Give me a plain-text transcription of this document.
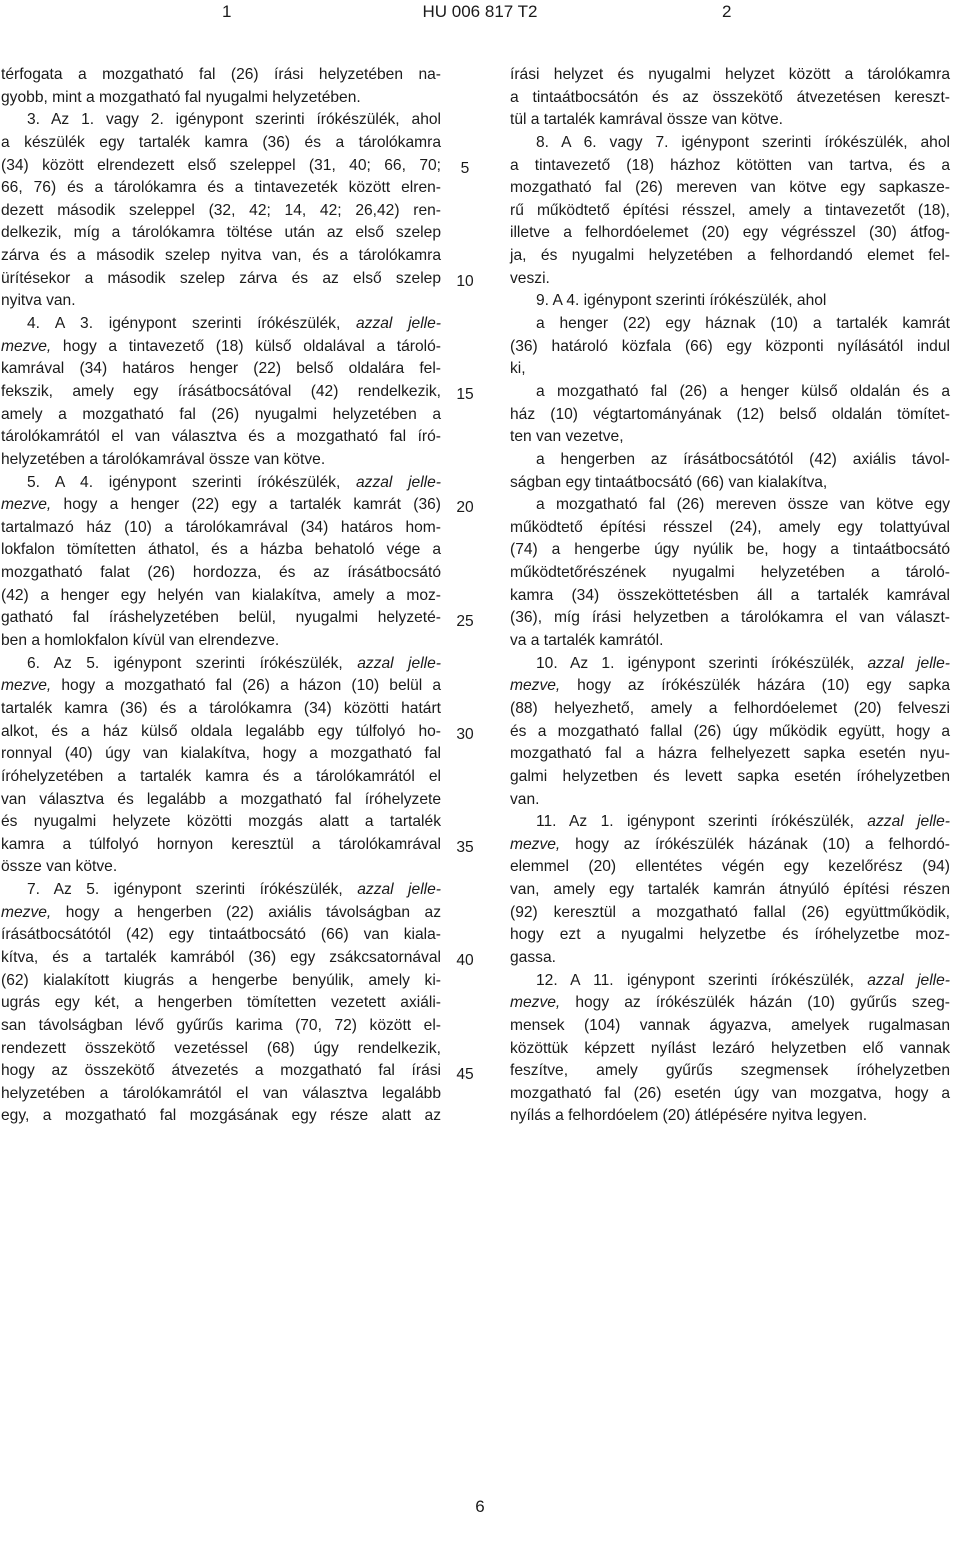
1	HU 006 817 T2	2
térfogata a mozgatható fal (26) írási helyzetében na-
gyobb, mint a mozgatható fal nyugalmi helyzetében.
3. Az 1. vagy 2. igénypont szerinti írókészülék, ahol
a készülék egy tartalék kamra (36) és a tárolókamra
(34) között elrendezett első szeleppel (31, 40; 66, 70;
66, 76) és a tárolókamra és a tintavezeték között elren-
dezett második szeleppel (32, 42; 14, 42; 26,42) ren-
delkezik, míg a tárolókamra töltése után az első szelep
zárva és a második szelep nyitva van, és a tárolókamra
ürítésekor a második szelep zárva és az első szelep
nyitva van.
4. A 3. igénypont szerinti írókészülék, azzal jelle-
mezve, hogy a tintavezető (18) külső oldalával a tároló-
kamrával (34) határos henger (22) belső oldalára fel-
fekszik, amely egy írásátbocsátóval (42) rendelkezik,
amely a mozgatható fal (26) nyugalmi helyzetében a
tárolókamrától el van választva és a mozgatható fal író-
helyzetében a tárolókamrával össze van kötve.
5. A 4. igénypont szerinti írókészülék, azzal jelle-
mezve, hogy a henger (22) egy a tartalék kamrát (36)
tartalmazó ház (10) a tárolókamrával (34) határos hom-
lokfalon tömítetten áthatol, és a házba behatoló vége a
mozgatható falat (26) hordozza, és az írásátbocsátó
(42) a henger egy helyén van kialakítva, amely a moz-
gatható fal íráshelyzetében belül, nyugalmi helyzeté-
ben a homlokfalon kívül van elrendezve.
6. Az 5. igénypont szerinti írókészülék, azzal jelle-
mezve, hogy a mozgatható fal (26) a házon (10) belül a
tartalék kamra (36) és a tárolókamra (34) közötti határt
alkot, és a ház külső oldala legalább egy túlfolyó ho-
ronnyal (40) úgy van kialakítva, hogy a mozgatható fal
íróhelyzetében a tartalék kamra és a tárolókamrától el
van választva és legalább a mozgatható fal íróhelyzete
és nyugalmi helyzete közötti mozgás alatt a tartalék
kamra a túlfolyó hornyon keresztül a tárolókamrával
össze van kötve.
7. Az 5. igénypont szerinti írókészülék, azzal jelle-
mezve, hogy a hengerben (22) axiális távolságban az
írásátbocsátótól (42) egy tintaátbocsátó (66) van kiala-
kítva, és a tartalék kamrából (36) egy zsákcsatornával
(62) kialakított kiugrás a hengerbe benyúlik, amely ki-
ugrás egy két, a hengerben tömítetten vezetett axiáli-
san távolságban lévő gyűrűs karima (70, 72) között el-
rendezett összekötő vezetéssel (68) úgy rendelkezik,
hogy az összekötő átvezetés a mozgatható fal írási
helyzetében a tárolókamrától el van választva legalább
egy, a mozgatható fal mozgásának egy része alatt az
írási helyzet és nyugalmi helyzet között a tárolókamra
a tintaátbocsátón és az összekötő átvezetésen kereszt-
tül a tartalék kamrával össze van kötve.
8. A 6. vagy 7. igénypont szerinti írókészülék, ahol
a tintavezető (18) házhoz kötötten van tartva, és a
mozgatható fal (26) mereven van kötve egy sapkasze-
rű működtető építési résszel, amely a tintavezetőt (18),
illetve a felhordóelemet (20) egy végrésszel (30) átfog-
ja, és nyugalmi helyzetében a felhordandó elemet fel-
veszi.
9. A 4. igénypont szerinti írókészülék, ahol
a henger (22) egy háznak (10) a tartalék kamrát
(36) határoló közfala (66) egy központi nyílásától indul
ki,
a mozgatható fal (26) a henger külső oldalán és a
ház (10) végtartományának (12) belső oldalán tömítet-
ten van vezetve,
a hengerben az írásátbocsátótól (42) axiális távol-
ságban egy tintaátbocsátó (66) van kialakítva,
a mozgatható fal (26) mereven össze van kötve egy
működtető építési résszel (24), amely egy tolattyúval
(74) a hengerbe úgy nyúlik be, hogy a tintaátbocsátó
működtetőrészének nyugalmi helyzetében a tároló-
kamra (34) összeköttetésben áll a tartalék kamrával
(36), míg írási helyzetben a tárolókamra el van választ-
va a tartalék kamrától.
10. Az 1. igénypont szerinti írókészülék, azzal jelle-
mezve, hogy az írókészülék házára (10) egy sapka
(88) helyezhető, amely a felhordóelemet (20) felveszi
és a mozgatható fallal (26) úgy működik együtt, hogy a
mozgatható fal a házra felhelyezett sapka esetén nyu-
galmi helyzetben és levett sapka esetén íróhelyzetben
van.
11. Az 1. igénypont szerinti írókészülék, azzal jelle-
mezve, hogy az írókészülék házának (10) a felhordó-
elemmel (20) ellentétes végén egy kezelőrész (94)
van, amely egy tartalék kamrán átnyúló építési részen
(92) keresztül a mozgatható fallal (26) együttműködik,
hogy ezt a nyugalmi helyzetbe és íróhelyzetbe moz-
gassa.
12. A 11. igénypont szerinti írókészülék, azzal jelle-
mezve, hogy az írókészülék házán (10) gyűrűs szeg-
mensek (104) vannak ágyazva, amelyek rugalmasan
közöttük képzett nyílást lezáró helyzetben elő vannak
feszítve, amely gyűrűs szegmensek íróhelyzetben
mozgatható fal (26) esetén úgy van mozgatva, hogy a
nyílás a felhordóelem (20) átlépésére nyitva legyen.
5
10
15
20
25
30
35
40
45
6
